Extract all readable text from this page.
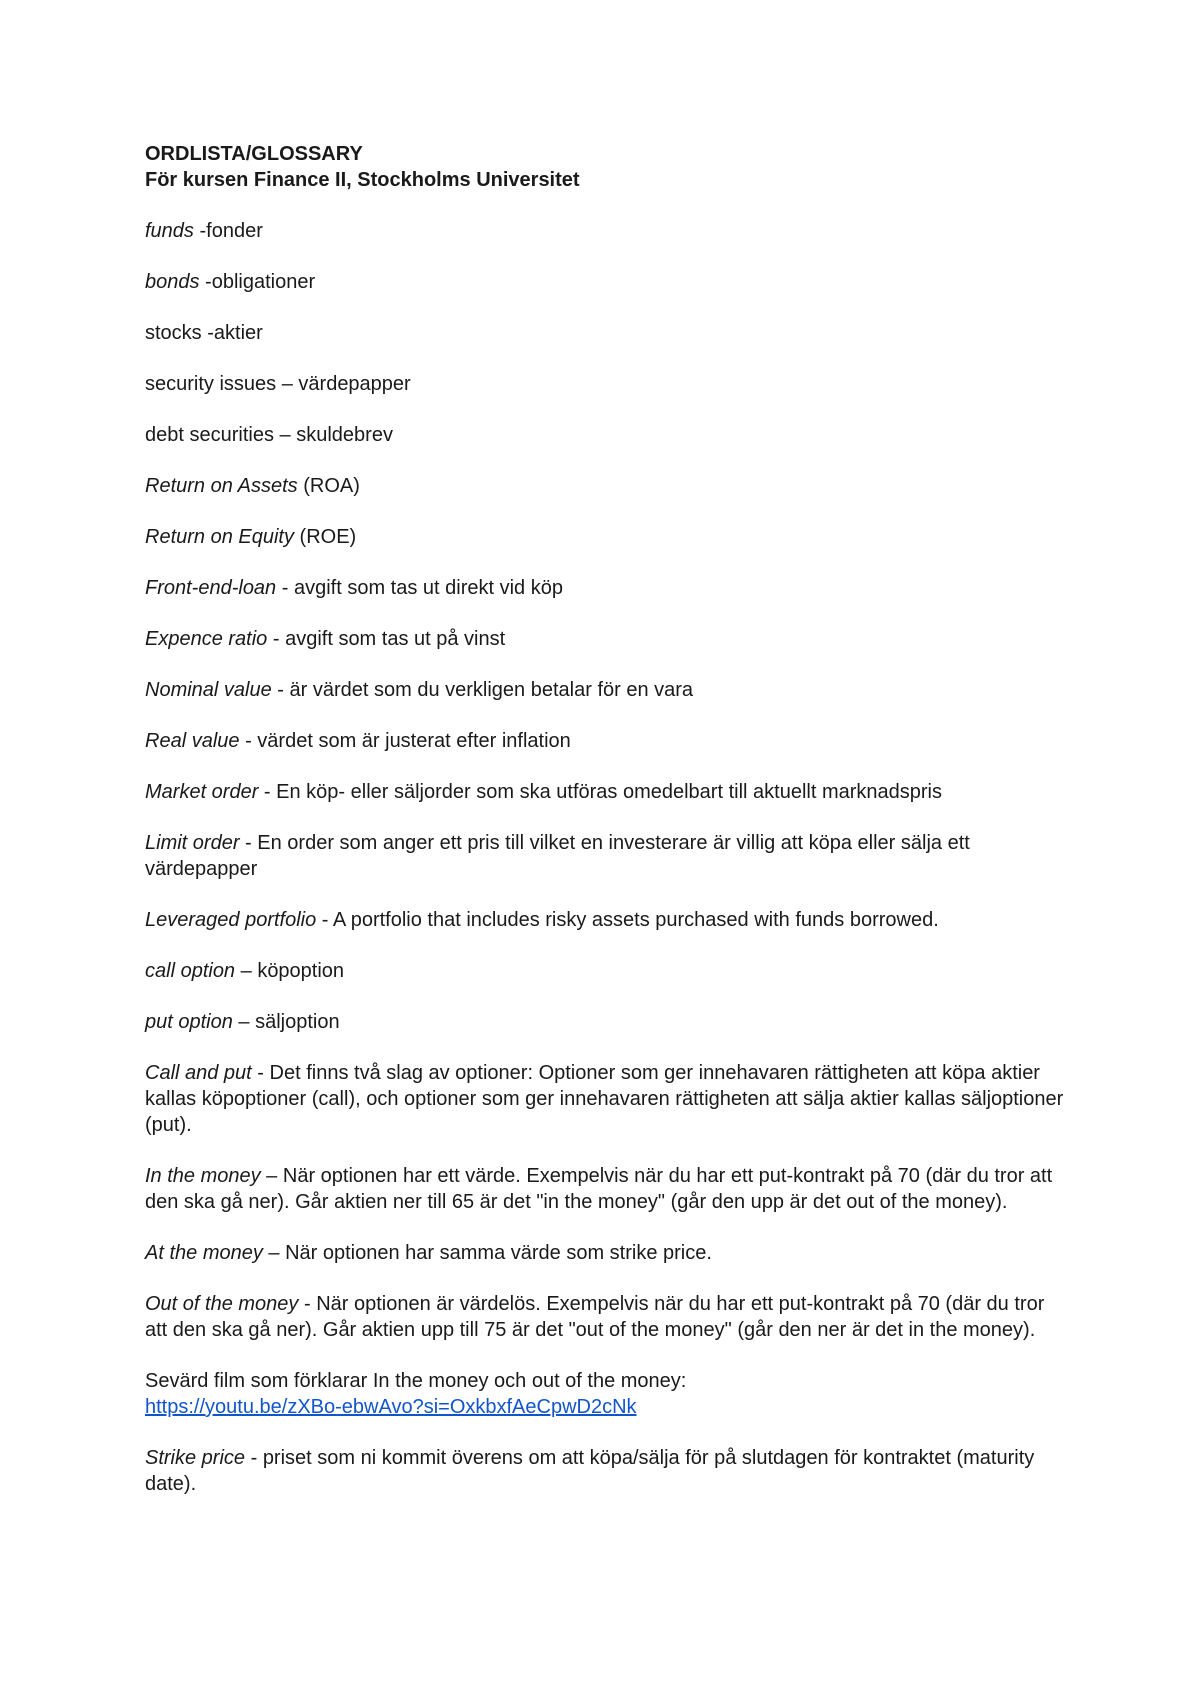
ORDLISTA/GLOSSARY

För kursen Finance II, Stockholms Universitet

funds -fonder

bonds -obligationer

stocks -aktier

security issues – värdepapper

debt securities – skuldebrev

Return on Assets (ROA)

Return on Equity (ROE)

Front-end-loan - avgift som tas ut direkt vid köp

Expence ratio - avgift som tas ut på vinst

Nominal value - är värdet som du verkligen betalar för en vara

Real value - värdet som är justerat efter inflation

Market order - En köp- eller säljorder som ska utföras omedelbart till aktuellt marknadspris

Limit order - En order som anger ett pris till vilket en investerare är villig att köpa eller sälja ett värdepapper

Leveraged portfolio - A portfolio that includes risky assets purchased with funds borrowed.

call option – köpoption

put option – säljoption

Call and put - Det finns två slag av optioner: Optioner som ger innehavaren rättigheten att köpa aktier kallas köpoptioner (call), och optioner som ger innehavaren rättigheten att sälja aktier kallas säljoptioner (put).

In the money – När optionen har ett värde. Exempelvis när du har ett put-kontrakt på 70 (där du tror att den ska gå ner). Går aktien ner till 65 är det "in the money" (går den upp är det out of the money).

At the money – När optionen har samma värde som strike price.

Out of the money - När optionen är värdelös. Exempelvis när du har ett put-kontrakt på 70 (där du tror att den ska gå ner). Går aktien upp till 75 är det "out of the money" (går den ner är det in the money).

Sevärd film som förklarar In the money och out of the money:
https://youtu.be/zXBo-ebwAvo?si=OxkbxfAeCpwD2cNk

Strike price - priset som ni kommit överens om att köpa/sälja för på slutdagen för kontraktet (maturity date).
